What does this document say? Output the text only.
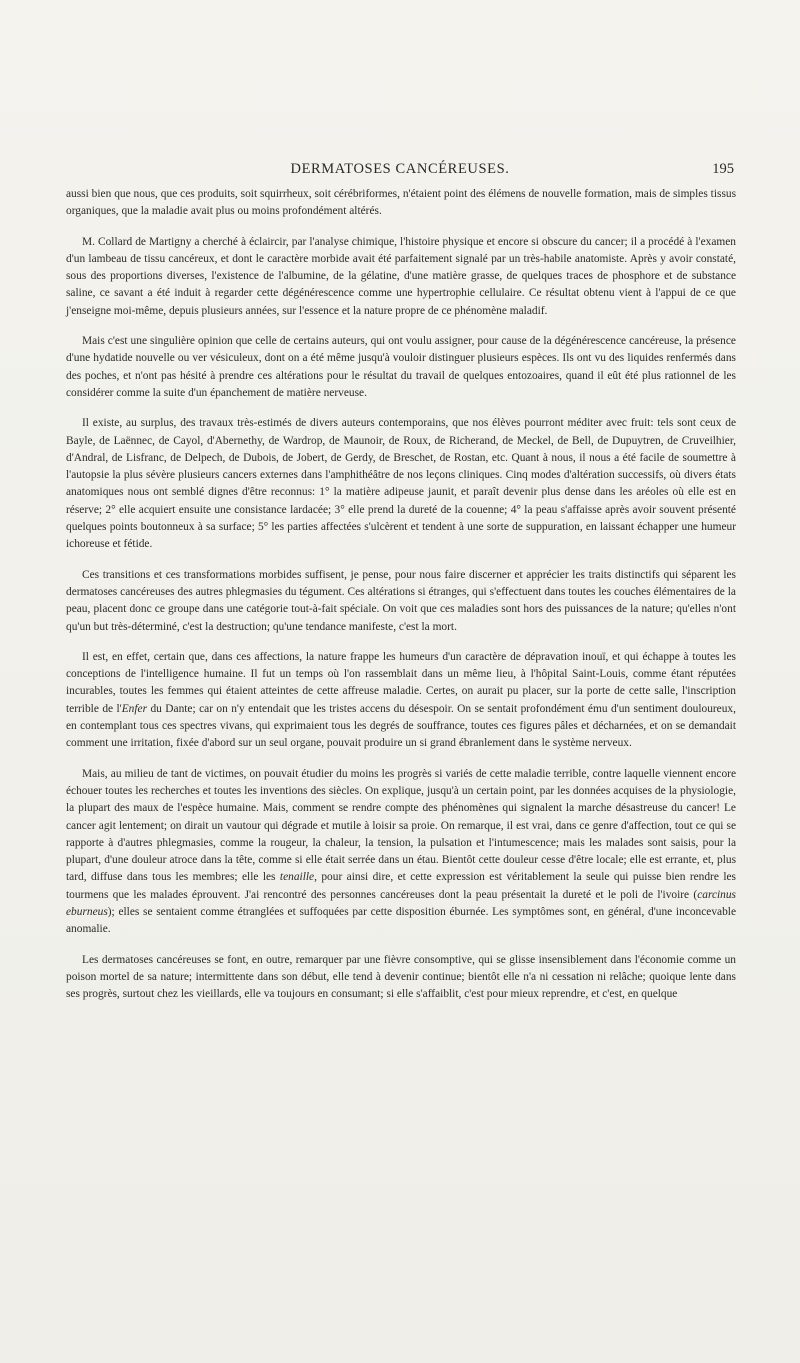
DERMATOSES CANCÉREUSES.	195

aussi bien que nous, que ces produits, soit squirrheux, soit cérébriformes, n'étaient point des élémens de nouvelle formation, mais de simples tissus organiques, que la maladie avait plus ou moins profondément altérés.

M. Collard de Martigny a cherché à éclaircir, par l'analyse chimique, l'histoire physique et encore si obscure du cancer; il a procédé à l'examen d'un lambeau de tissu cancéreux, et dont le caractère morbide avait été parfaitement signalé par un très-habile anatomiste. Après y avoir constaté, sous des proportions diverses, l'existence de l'albumine, de la gélatine, d'une matière grasse, de quelques traces de phosphore et de substance saline, ce savant a été induit à regarder cette dégénérescence comme une hypertrophie cellulaire. Ce résultat obtenu vient à l'appui de ce que j'enseigne moi-même, depuis plusieurs années, sur l'essence et la nature propre de ce phénomène maladif.

Mais c'est une singulière opinion que celle de certains auteurs, qui ont voulu assigner, pour cause de la dégénérescence cancéreuse, la présence d'une hydatide nouvelle ou ver vésiculeux, dont on a été même jusqu'à vouloir distinguer plusieurs espèces. Ils ont vu des liquides renfermés dans des poches, et n'ont pas hésité à prendre ces altérations pour le résultat du travail de quelques entozoaires, quand il eût été plus rationnel de les considérer comme la suite d'un épanchement de matière nerveuse.

Il existe, au surplus, des travaux très-estimés de divers auteurs contemporains, que nos élèves pourront méditer avec fruit: tels sont ceux de Bayle, de Laënnec, de Cayol, d'Abernethy, de Wardrop, de Maunoir, de Roux, de Richerand, de Meckel, de Bell, de Dupuytren, de Cruveilhier, d'Andral, de Lisfranc, de Delpech, de Dubois, de Jobert, de Gerdy, de Breschet, de Rostan, etc. Quant à nous, il nous a été facile de soumettre à l'autopsie la plus sévère plusieurs cancers externes dans l'amphithéâtre de nos leçons cliniques. Cinq modes d'altération successifs, où divers états anatomiques nous ont semblé dignes d'être reconnus: 1° la matière adipeuse jaunit, et paraît devenir plus dense dans les aréoles où elle est en réserve; 2° elle acquiert ensuite une consistance lardacée; 3° elle prend la dureté de la couenne; 4° la peau s'affaisse après avoir souvent présenté quelques points boutonneux à sa surface; 5° les parties affectées s'ulcèrent et tendent à une sorte de suppuration, en laissant échapper une humeur ichoreuse et fétide.

Ces transitions et ces transformations morbides suffisent, je pense, pour nous faire discerner et apprécier les traits distinctifs qui séparent les dermatoses cancéreuses des autres phlegmasies du tégument. Ces altérations si étranges, qui s'effectuent dans toutes les couches élémentaires de la peau, placent donc ce groupe dans une catégorie tout-à-fait spéciale. On voit que ces maladies sont hors des puissances de la nature; qu'elles n'ont qu'un but très-déterminé, c'est la destruction; qu'une tendance manifeste, c'est la mort.

Il est, en effet, certain que, dans ces affections, la nature frappe les humeurs d'un caractère de dépravation inouï, et qui échappe à toutes les conceptions de l'intelligence humaine. Il fut un temps où l'on rassemblait dans un même lieu, à l'hôpital Saint-Louis, comme étant réputées incurables, toutes les femmes qui étaient atteintes de cette affreuse maladie. Certes, on aurait pu placer, sur la porte de cette salle, l'inscription terrible de l'Enfer du Dante; car on n'y entendait que les tristes accens du désespoir. On se sentait profondément ému d'un sentiment douloureux, en contemplant tous ces spectres vivans, qui exprimaient tous les degrés de souffrance, toutes ces figures pâles et décharnées, et on se demandait comment une irritation, fixée d'abord sur un seul organe, pouvait produire un si grand ébranlement dans le système nerveux.

Mais, au milieu de tant de victimes, on pouvait étudier du moins les progrès si variés de cette maladie terrible, contre laquelle viennent encore échouer toutes les recherches et toutes les inventions des siècles. On explique, jusqu'à un certain point, par les données acquises de la physiologie, la plupart des maux de l'espèce humaine. Mais, comment se rendre compte des phénomènes qui signalent la marche désastreuse du cancer! Le cancer agit lentement; on dirait un vautour qui dégrade et mutile à loisir sa proie. On remarque, il est vrai, dans ce genre d'affection, tout ce qui se rapporte à d'autres phlegmasies, comme la rougeur, la chaleur, la tension, la pulsation et l'intumescence; mais les malades sont saisis, pour la plupart, d'une douleur atroce dans la tête, comme si elle était serrée dans un étau. Bientôt cette douleur cesse d'être locale; elle est errante, et, plus tard, diffuse dans tous les membres; elle les tenaille, pour ainsi dire, et cette expression est véritablement la seule qui puisse bien rendre les tourmens que les malades éprouvent. J'ai rencontré des personnes cancéreuses dont la peau présentait la dureté et le poli de l'ivoire (carcinus eburneus); elles se sentaient comme étranglées et suffoquées par cette disposition éburnée. Les symptômes sont, en général, d'une inconcevable anomalie.

Les dermatoses cancéreuses se font, en outre, remarquer par une fièvre consomptive, qui se glisse insensiblement dans l'économie comme un poison mortel de sa nature; intermittente dans son début, elle tend à devenir continue; bientôt elle n'a ni cessation ni relâche; quoique lente dans ses progrès, surtout chez les vieillards, elle va toujours en consumant; si elle s'affaiblit, c'est pour mieux reprendre, et c'est, en quelque
